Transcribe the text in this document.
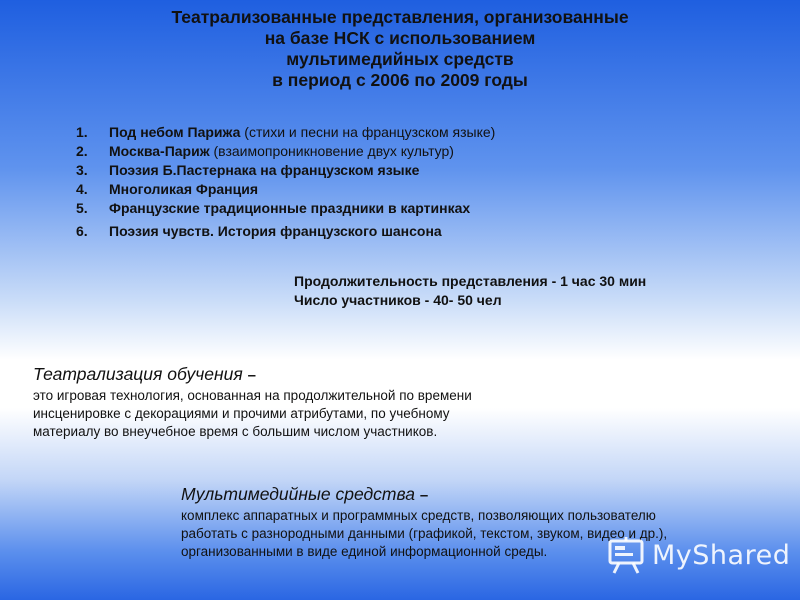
Театрализованные представления, организованные
на базе НСК с использованием
мультимедийных средств
в период с 2006 по 2009 годы
1. Под небом Парижа (стихи и песни на французском языке)
2. Москва-Париж (взаимопроникновение двух культур)
3. Поэзия Б.Пастернака на французском языке
4. Многоликая Франция
5. Французские традиционные праздники в картинках
6. Поэзия чувств. История французского шансона
Продолжительность представления - 1 час 30 мин
Число участников - 40- 50 чел
Театрализация обучения –
это игровая технология, основанная на продолжительной по времени
инсценировке с декорациями и прочими атрибутами, по учебному
материалу во внеучебное время с большим числом участников.
Мультимедийные средства –
комплекс аппаратных и программных средств, позволяющих пользователю
работать с разнородными данными (графикой, текстом, звуком, видео и др.),
организованными в виде единой информационной среды.	MyShared
